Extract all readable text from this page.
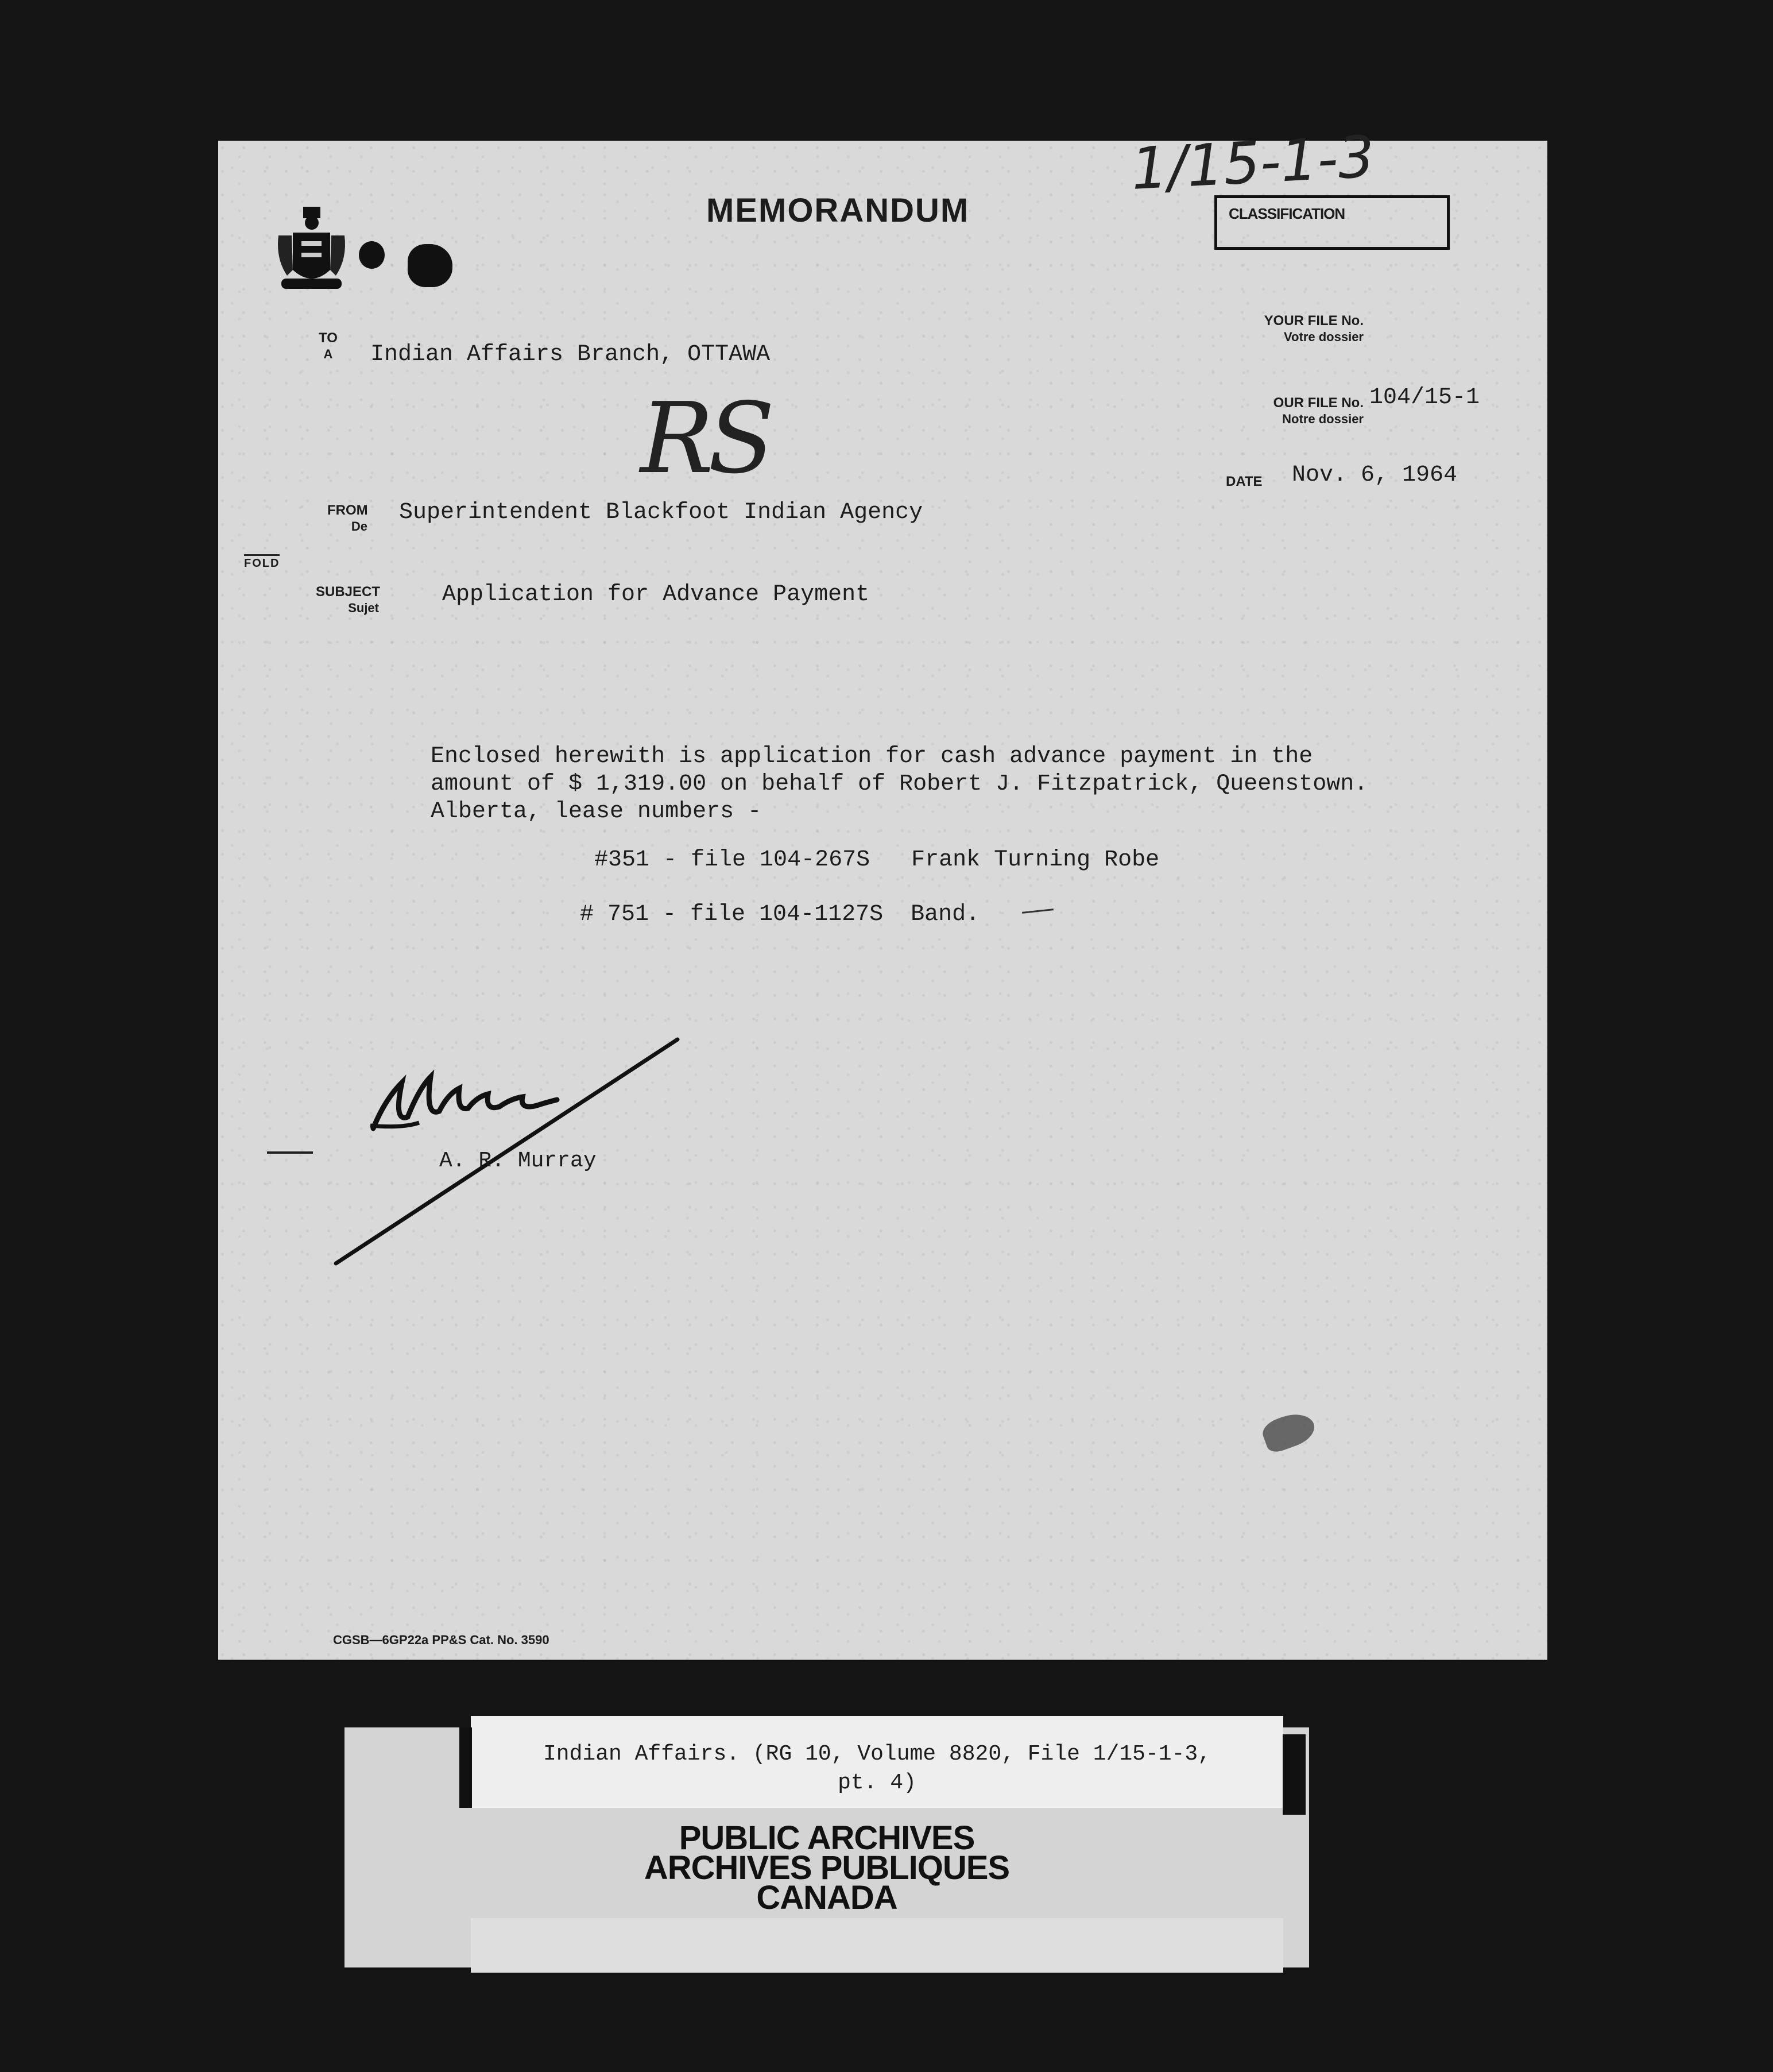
1/15-1-3
MEMORANDUM	CLASSIFICATION
TO
A Indian Affairs Branch, OTTAWA
RS
YOUR FILE No.
Votre dossier
OUR FILE No.
Notre dossier
104/15-1
DATE Nov. 6, 1964
FROM
De
Superintendent Blackfoot Indian Agency
FOLD
SUBJECT
Sujet
Application for Advance Payment
Enclosed herewith is application for cash advance payment in the
amount of $ 1,319.00 on behalf of Robert J. Fitzpatrick, Queenstown.
Alberta, lease numbers -
#351 - file 104-267S   Frank Turning Robe
# 751 - file 104-1127S  Band.
A. R. Murray
CGSB—6GP22a PP&S Cat. No. 3590
Indian Affairs. (RG 10, Volume 8820, File 1/15-1-3,
pt. 4)
PUBLIC ARCHIVES
ARCHIVES PUBLIQUES
CANADA
